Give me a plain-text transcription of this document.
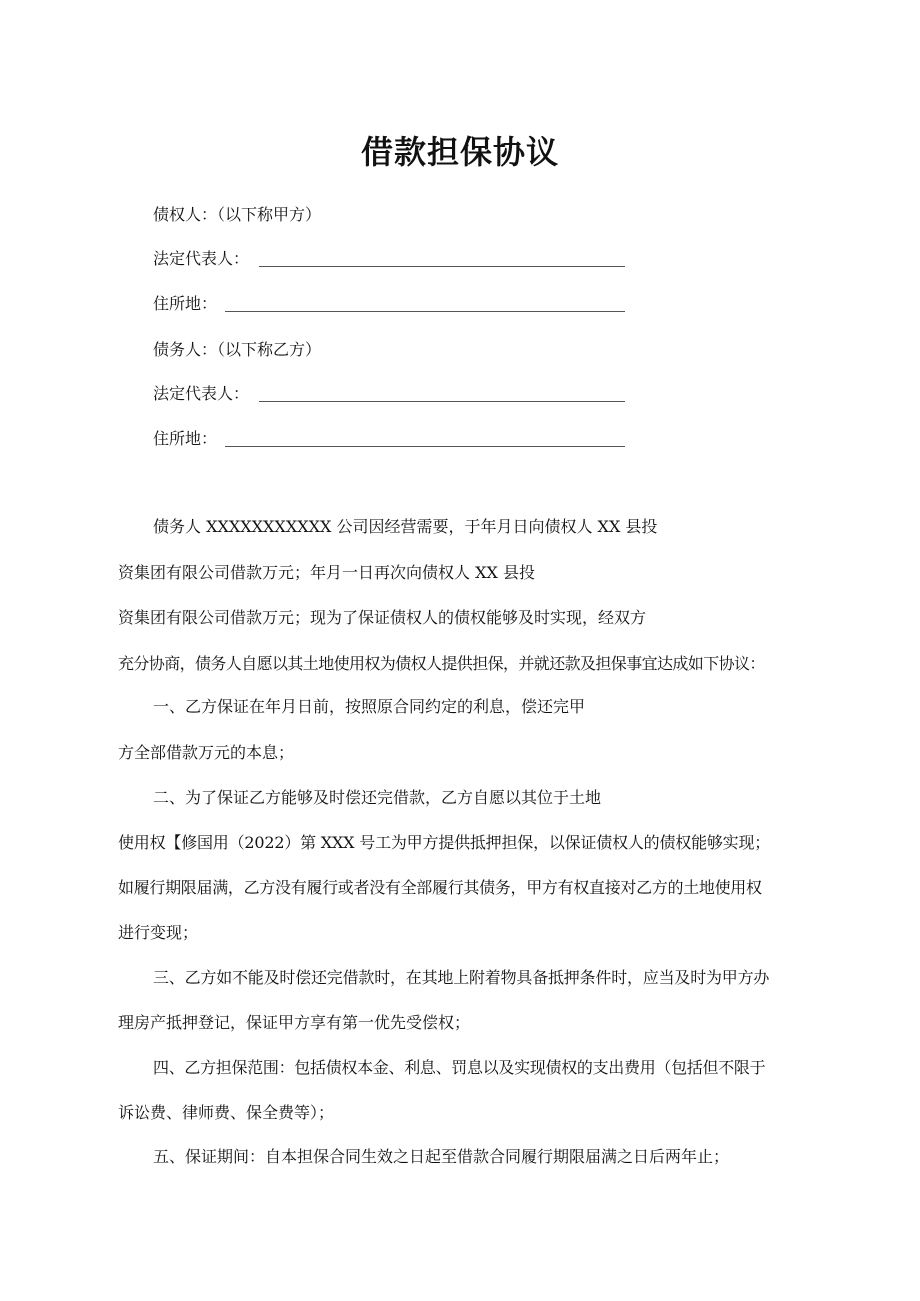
借款担保协议
债权人：（以下称甲方）
法定代表人：
住所地：
债务人：（以下称乙方）
法定代表人：
住所地：
债务人 XXXXXXXXXXX 公司因经营需要，于年月日向债权人 XX 县投
资集团有限公司借款万元；年月一日再次向债权人 XX 县投
资集团有限公司借款万元；现为了保证债权人的债权能够及时实现，经双方
充分协商，债务人自愿以其土地使用权为债权人提供担保，并就还款及担保事宜达成如下协议：
一、乙方保证在年月日前，按照原合同约定的利息，偿还完甲
方全部借款万元的本息；
二、为了保证乙方能够及时偿还完借款，乙方自愿以其位于土地
使用权【修国用（2022）第 XXX 号工为甲方提供抵押担保，以保证债权人的债权能够实现；
如履行期限届满，乙方没有履行或者没有全部履行其债务，甲方有权直接对乙方的土地使用权
进行变现；
三、乙方如不能及时偿还完借款时，在其地上附着物具备抵押条件时，应当及时为甲方办
理房产抵押登记，保证甲方享有第一优先受偿权；
四、乙方担保范围：包括债权本金、利息、罚息以及实现债权的支出费用（包括但不限于
诉讼费、律师费、保全费等）；
五、保证期间：自本担保合同生效之日起至借款合同履行期限届满之日后两年止；
